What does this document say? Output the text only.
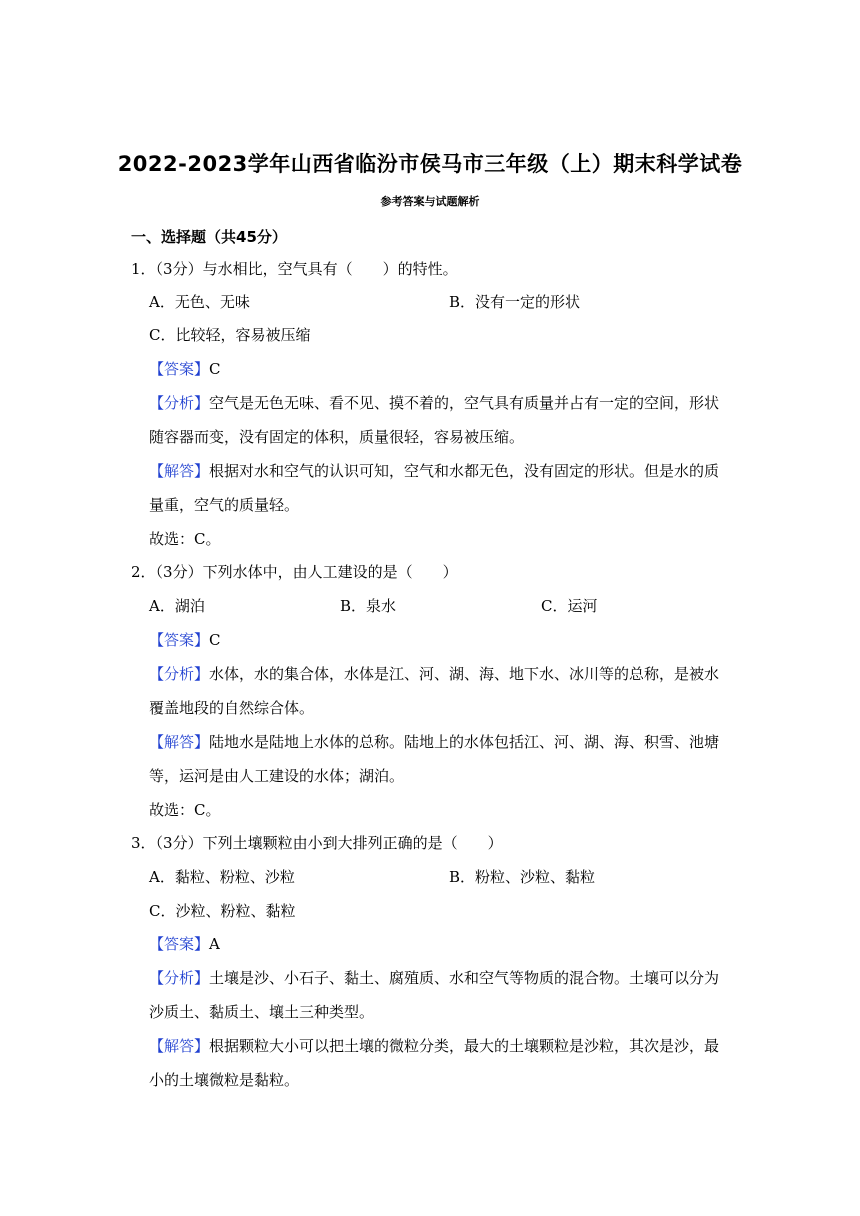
2022-2023学年山西省临汾市侯马市三年级（上）期末科学试卷
参考答案与试题解析
一、选择题（共45分）
1．（3分）与水相比，空气具有（　　）的特性。
A．无色、无味	B．没有一定的形状
C．比较轻，容易被压缩
【答案】C
【分析】空气是无色无味、看不见、摸不着的，空气具有质量并占有一定的空间，形状
随容器而变，没有固定的体积，质量很轻，容易被压缩。
【解答】根据对水和空气的认识可知，空气和水都无色，没有固定的形状。但是水的质
量重，空气的质量轻。
故选：C。
2．（3分）下列水体中，由人工建设的是（　　）
A．湖泊	B．泉水	C．运河
【答案】C
【分析】水体，水的集合体，水体是江、河、湖、海、地下水、冰川等的总称，是被水
覆盖地段的自然综合体。
【解答】陆地水是陆地上水体的总称。陆地上的水体包括江、河、湖、海、积雪、池塘
等，运河是由人工建设的水体；湖泊。
故选：C。
3．（3分）下列土壤颗粒由小到大排列正确的是（　　）
A．黏粒、粉粒、沙粒	B．粉粒、沙粒、黏粒
C．沙粒、粉粒、黏粒
【答案】A
【分析】土壤是沙、小石子、黏土、腐殖质、水和空气等物质的混合物。土壤可以分为
沙质土、黏质土、壤土三种类型。
【解答】根据颗粒大小可以把土壤的微粒分类，最大的土壤颗粒是沙粒，其次是沙，最
小的土壤微粒是黏粒。
